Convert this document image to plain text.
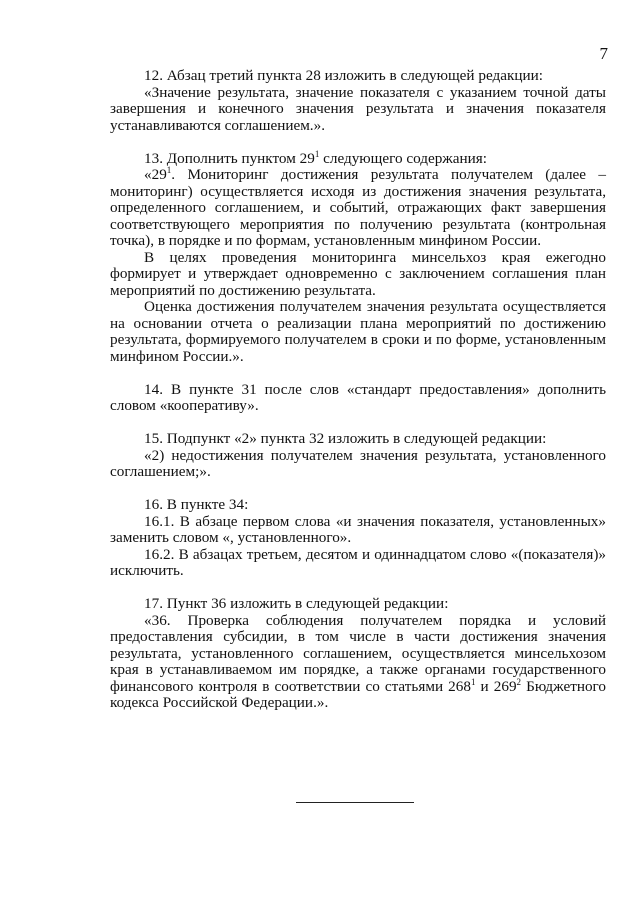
7

12. Абзац третий пункта 28 изложить в следующей редакции:

«Значение результата, значение показателя с указанием точной даты завершения и конечного значения результата и значения показателя устанавливаются соглашением.».

13. Дополнить пунктом $29^1$ следующего содержания:

«$29^1$. Мониторинг достижения результата получателем (далее – мониторинг) осуществляется исходя из достижения значения результата, определенного соглашением, и событий, отражающих факт завершения соответствующего мероприятия по получению результата (контрольная точка), в порядке и по формам, установленным минфином России.

В целях проведения мониторинга минсельхоз края ежегодно формирует и утверждает одновременно с заключением соглашения план мероприятий по достижению результата.

Оценка достижения получателем значения результата осуществляется на основании отчета о реализации плана мероприятий по достижению результата, формируемого получателем в сроки и по форме, установленным минфином России.».

14. В пункте 31 после слов «стандарт предоставления» дополнить словом «кооперативу».

15. Подпункт «2» пункта 32 изложить в следующей редакции:

«2) недостижения получателем значения результата, установленного соглашением;».

16. В пункте 34:

16.1. В абзаце первом слова «и значения показателя, установленных» заменить словом «, установленного».

16.2. В абзацах третьем, десятом и одиннадцатом слово «(показателя)» исключить.

17. Пункт 36 изложить в следующей редакции:

«36. Проверка соблюдения получателем порядка и условий предоставления субсидии, в том числе в части достижения значения результата, установленного соглашением, осуществляется минсельхозом края в устанавливаемом им порядке, а также органами государственного финансового контроля в соответствии со статьями $268^1$ и $269^2$ Бюджетного кодекса Российской Федерации.».
